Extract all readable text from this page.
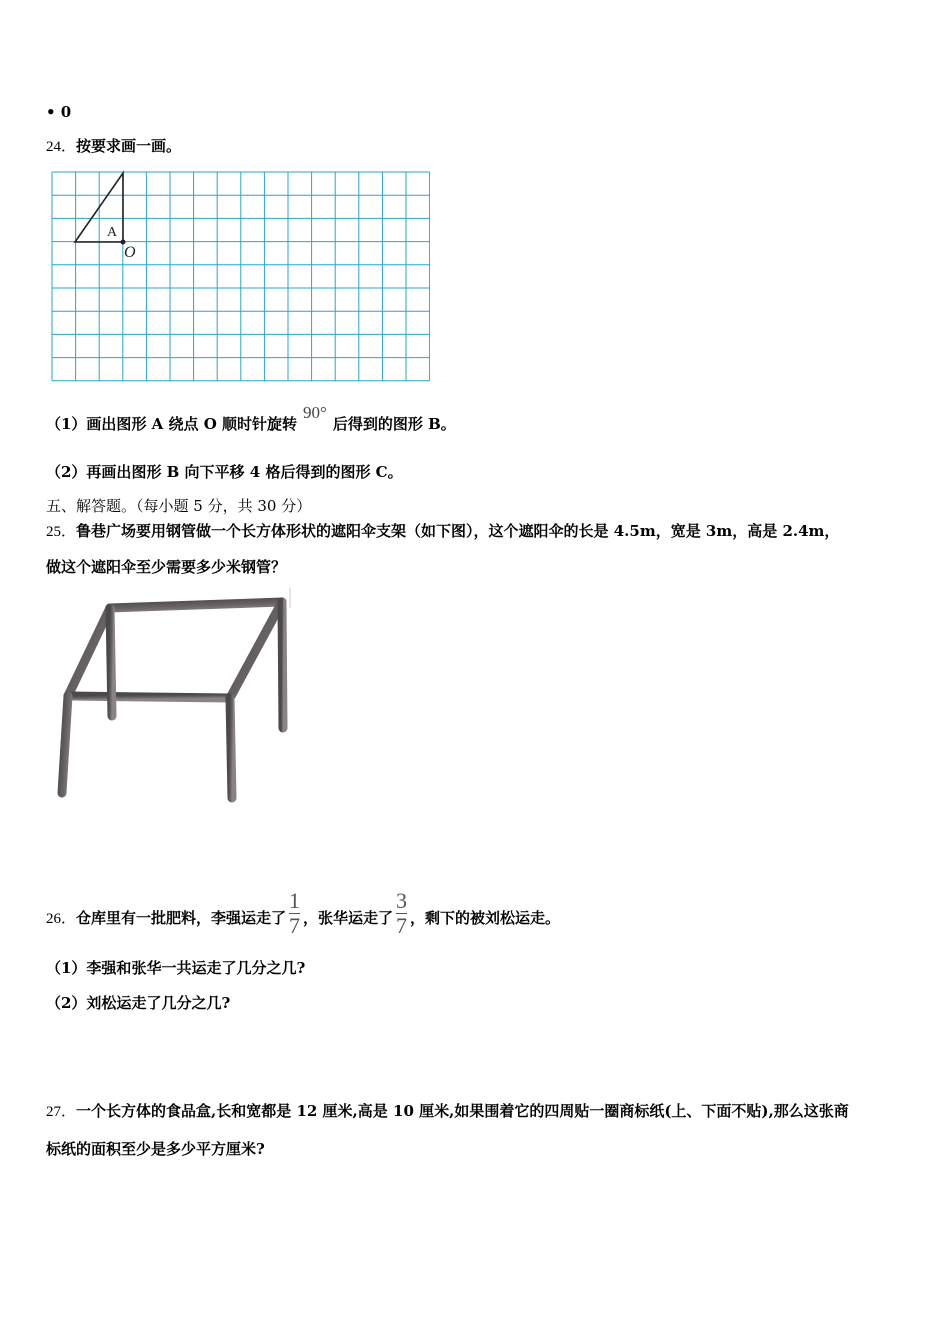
• 0
24．按要求画一画。
A
O
（1）画出图形 A 绕点 O 顺时针旋转90°后得到的图形 B。
（2）再画出图形 B 向下平移 4 格后得到的图形 C。
五、解答题。（每小题 5 分，共 30 分）
25．鲁巷广场要用钢管做一个长方体形状的遮阳伞支架（如下图），这个遮阳伞的长是 4.5m，宽是 3m，高是 2.4m，
做这个遮阳伞至少需要多少米钢管？
26．仓库里有一批肥料，李强运走了 $\frac{1}{7}$ ，张华运走了 $\frac{3}{7}$ ，剩下的被刘松运走。
（1）李强和张华一共运走了几分之几?
（2）刘松运走了几分之几?
27．一个长方体的食品盒,长和宽都是 12 厘米,高是 10 厘米,如果围着它的四周贴一圈商标纸(上、下面不贴),那么这张商
标纸的面积至少是多少平方厘米?
